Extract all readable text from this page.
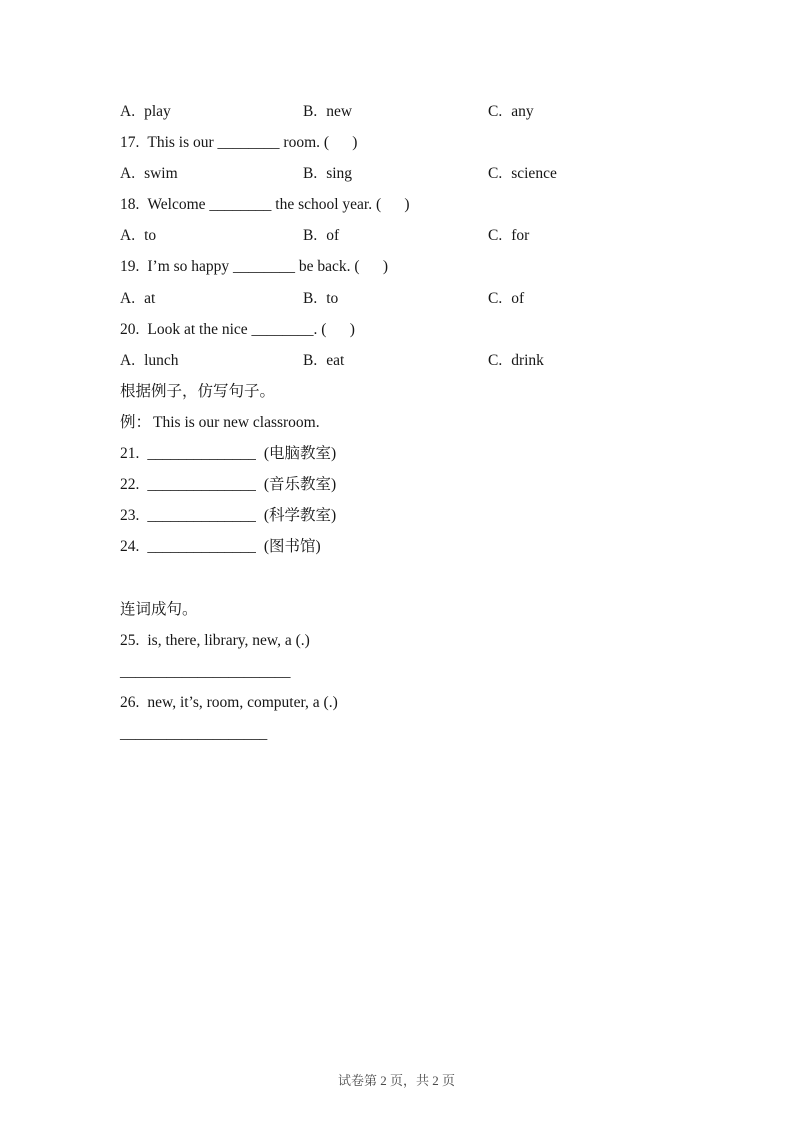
A. play	B. new	C. any
17. This is our ________ room. (      )
A. swim	B. sing	C. science
18. Welcome ________ the school year. (      )
A. to	B. of	C. for
19. I’m so happy ________ be back. (      )
A. at	B. to	C. of
20. Look at the nice ________. (      )
A. lunch	B. eat	C. drink
根据例子，仿写句子。
例： This is our new classroom.
21. ______________ (电脑教室)
22. ______________ (音乐教室)
23. ______________ (科学教室)
24. ______________ (图书馆)
连词成句。
25. is, there, library, new, a (.)
______________________
26. new, it’s, room, computer, a (.)
___________________
试卷第 2 页，共 2 页
